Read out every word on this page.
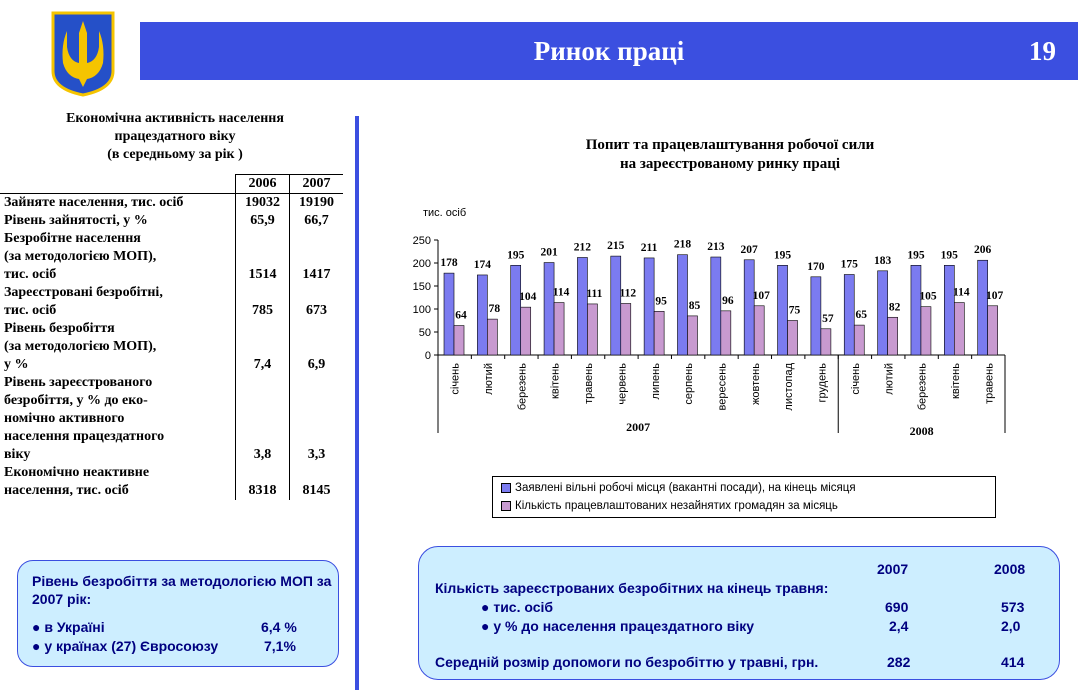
Ринок праці	19
Економічна активність населення
працездатного віку
(в середньому за рік )
	2006	2007

Зайняте населення, тис. осіб	19032	19190

Рівень зайнятості, у %	65,9	66,7

Безробітне населення
(за методологією МОП),
тис. осіб	1514	1417

Зареєстровані безробітні,
тис. осіб	785	673

Рівень безробіття
(за методологією МОП),
у %	7,4	6,9

Рівень зареєстрованого
безробіття, у % до еко-
номічно активного
населення працездатного
віку	3,8	3,3

Економічно неактивне
населення, тис. осіб	8318	8145
Рівень безробіття за методологією МОП за 2007 рік:
● в Україні	6,4 %
● у країнах (27) Євросоюзу	7,1%
Попит та працевлаштування робочої сили
на зареєстрованому ринку праці
тис. осіб
0
50
100
150
200
250
178
64
січень
174
78
лютий
195
104
березень
201
114
квітень
212
111
травень
215
112
червень
211
95
липень
218
85
серпень
213
96
вересень
207
107
жовтень
195
75
листопад
170
57
грудень
175
65
січень
183
82
лютий
195
105
березень
195
114
квітень
206
107
травень
2007	2008
Заявлені вільні робочі місця (вакантні посади), на кінець місяця
Кількість працевлаштованих незайнятих громадян за місяць
2007	2008
Кількість зареєстрованих безробітних на кінець травня:
● тис. осіб	690	573
● у % до населення працездатного віку	2,4	2,0
Середній розмір допомоги по безробіттю у травні, грн.	282	414
